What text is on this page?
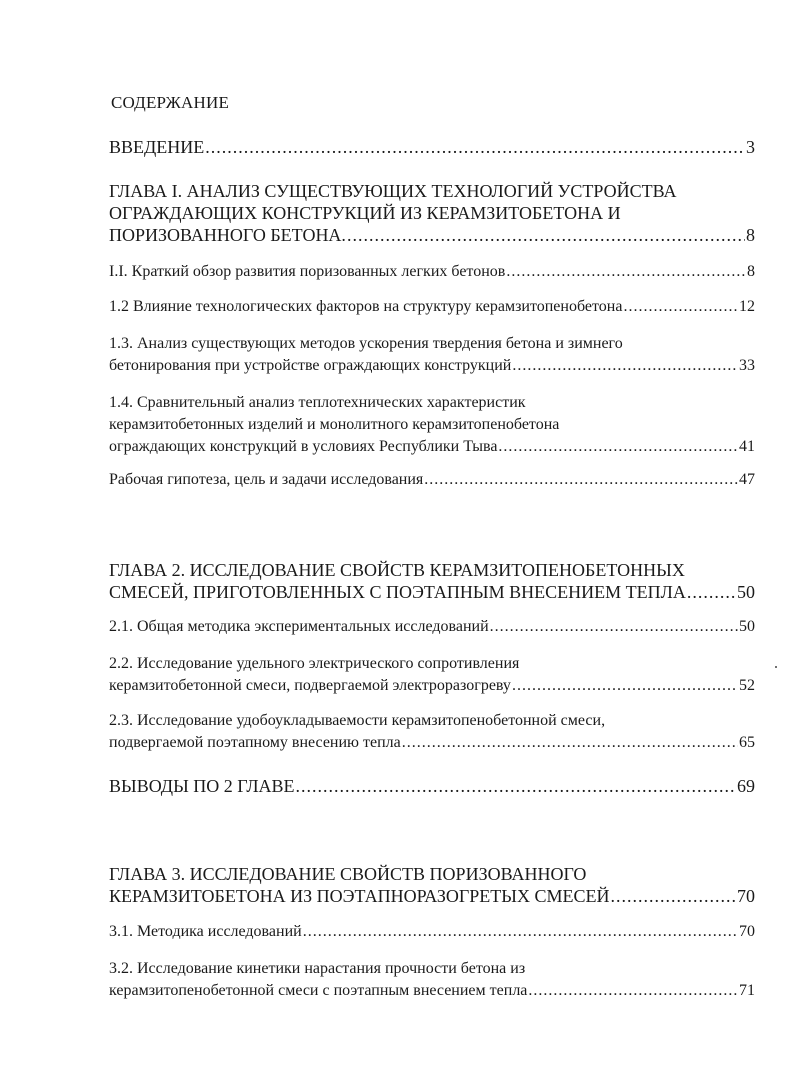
СОДЕРЖАНИЕ
ВВЕДЕНИЕ .....	3
ГЛАВА I. АНАЛИЗ СУЩЕСТВУЮЩИХ ТЕХНОЛОГИЙ УСТРОЙСТВА
ОГРАЖДАЮЩИХ КОНСТРУКЦИЙ ИЗ КЕРАМЗИТОБЕТОНА И
ПОРИЗОВАННОГО БЕТОНА. .....	8
I.I. Краткий обзор развития поризованных легких бетонов .....	8
1.2 Влияние технологических факторов на структуру керамзитопенобетона .....	12
1.3. Анализ существующих методов ускорения твердения бетона и зимнего
бетонирования при устройстве ограждающих конструкций .....	33
1.4. Сравнительный анализ теплотехнических характеристик
керамзитобетонных изделий и монолитного керамзитопенобетона
ограждающих конструкций в условиях Республики Тыва .....	41
Рабочая гипотеза, цель и задачи исследования .....	47
ГЛАВА 2. ИССЛЕДОВАНИЕ СВОЙСТВ КЕРАМЗИТОПЕНОБЕТОННЫХ
СМЕСЕЙ, ПРИГОТОВЛЕННЫХ С ПОЭТАПНЫМ ВНЕСЕНИЕМ ТЕПЛА .....	50
2.1. Общая методика экспериментальных исследований .....	50
2.2. Исследование удельного электрического сопротивления
керамзитобетонной смеси, подвергаемой электроразогреву .....	52
2.3. Исследование удобоукладываемости керамзитопенобетонной смеси,
подвергаемой поэтапному внесению тепла .....	65
ВЫВОДЫ ПО 2 ГЛАВЕ .....	69
ГЛАВА 3. ИССЛЕДОВАНИЕ СВОЙСТВ ПОРИЗОВАННОГО
КЕРАМЗИТОБЕТОНА ИЗ ПОЭТАПНОРАЗОГРЕТЫХ СМЕСЕЙ .....	70
3.1. Методика исследований .....	70
3.2. Исследование кинетики нарастания прочности бетона из
керамзитопенобетонной смеси с поэтапным внесением тепла .....	71
